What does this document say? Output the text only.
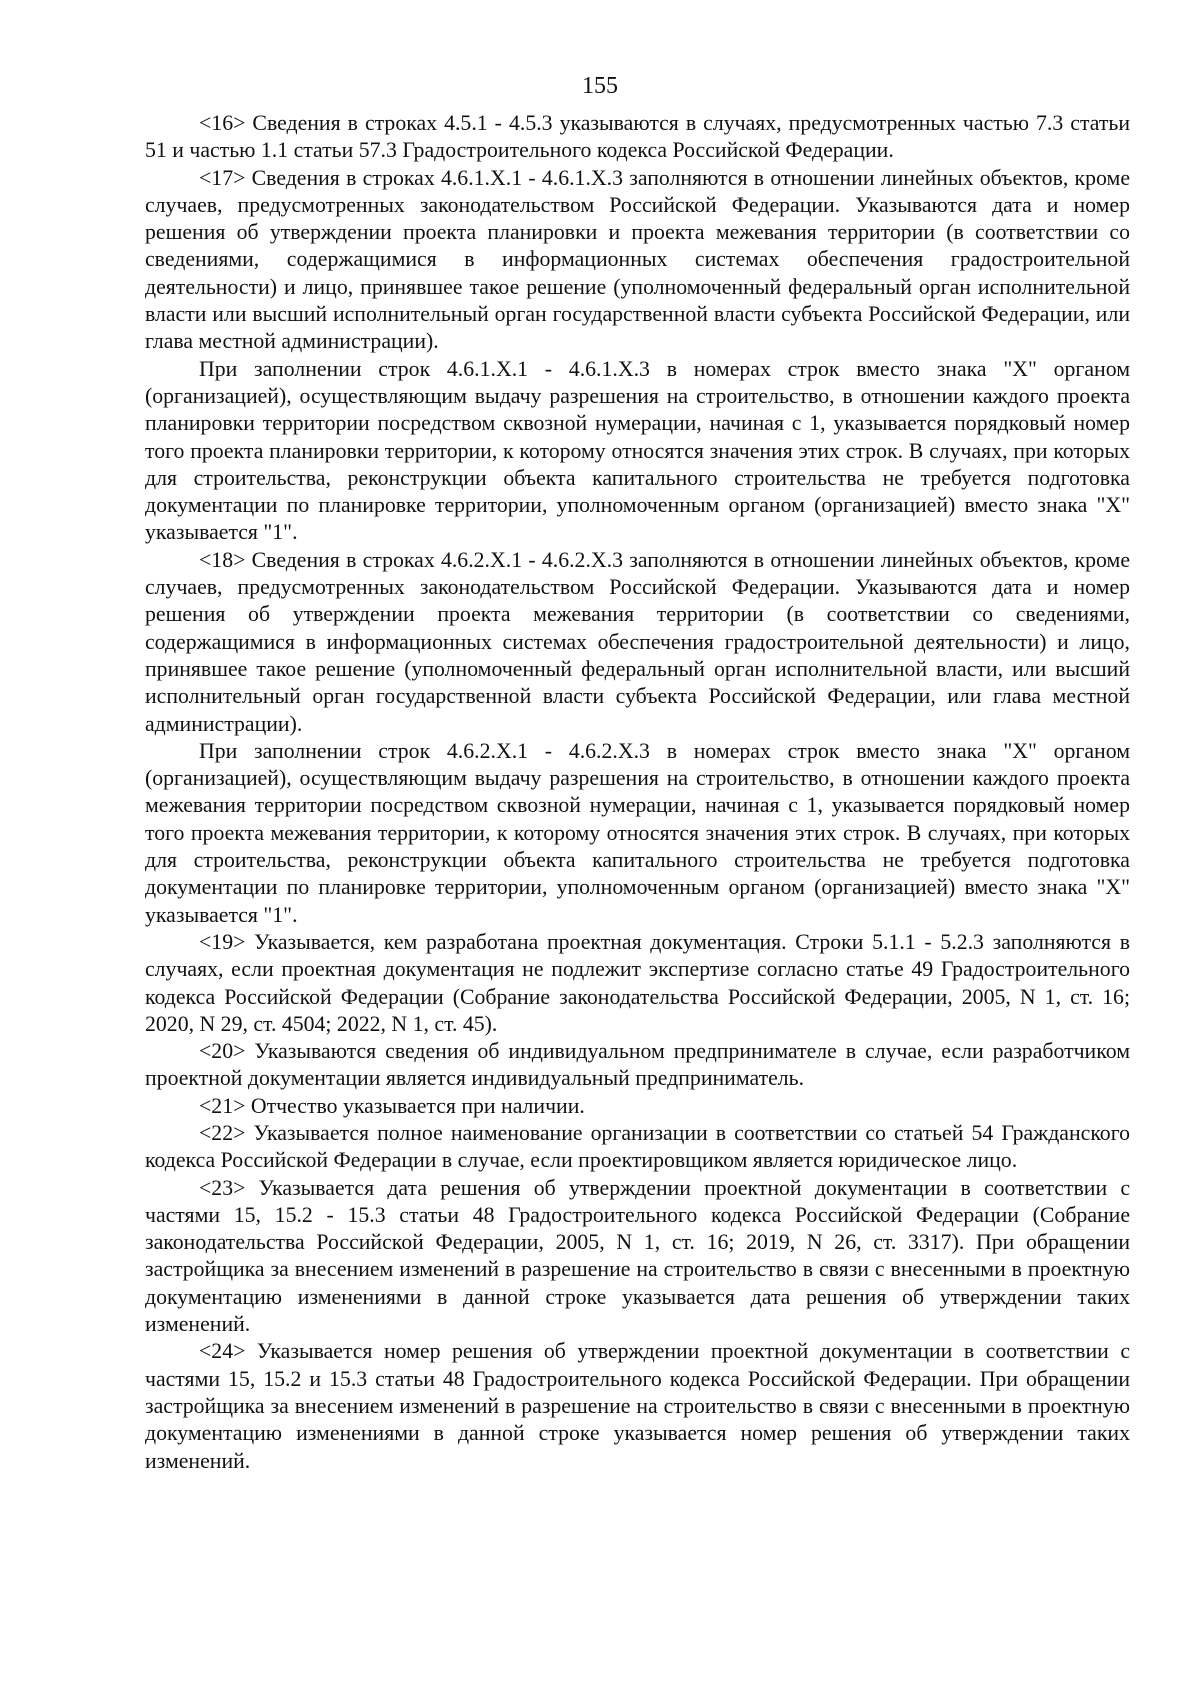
155

<16> Сведения в строках 4.5.1 - 4.5.3 указываются в случаях, предусмотренных частью 7.3 статьи 51 и частью 1.1 статьи 57.3 Градостроительного кодекса Российской Федерации.

<17> Сведения в строках 4.6.1.X.1 - 4.6.1.X.3 заполняются в отношении линейных объектов, кроме случаев, предусмотренных законодательством Российской Федерации. Указываются дата и номер решения об утверждении проекта планировки и проекта межевания территории (в соответствии со сведениями, содержащимися в информационных системах обеспечения градостроительной деятельности) и лицо, принявшее такое решение (уполномоченный федеральный орган исполнительной власти или высший исполнительный орган государственной власти субъекта Российской Федерации, или глава местной администрации).

При заполнении строк 4.6.1.X.1 - 4.6.1.X.3 в номерах строк вместо знака "X" органом (организацией), осуществляющим выдачу разрешения на строительство, в отношении каждого проекта планировки территории посредством сквозной нумерации, начиная с 1, указывается порядковый номер того проекта планировки территории, к которому относятся значения этих строк. В случаях, при которых для строительства, реконструкции объекта капитального строительства не требуется подготовка документации по планировке территории, уполномоченным органом (организацией) вместо знака "X" указывается "1".

<18> Сведения в строках 4.6.2.X.1 - 4.6.2.X.3 заполняются в отношении линейных объектов, кроме случаев, предусмотренных законодательством Российской Федерации. Указываются дата и номер решения об утверждении проекта межевания территории (в соответствии со сведениями, содержащимися в информационных системах обеспечения градостроительной деятельности) и лицо, принявшее такое решение (уполномоченный федеральный орган исполнительной власти, или высший исполнительный орган государственной власти субъекта Российской Федерации, или глава местной администрации).

При заполнении строк 4.6.2.X.1 - 4.6.2.X.3 в номерах строк вместо знака "X" органом (организацией), осуществляющим выдачу разрешения на строительство, в отношении каждого проекта межевания территории посредством сквозной нумерации, начиная с 1, указывается порядковый номер того проекта межевания территории, к которому относятся значения этих строк. В случаях, при которых для строительства, реконструкции объекта капитального строительства не требуется подготовка документации по планировке территории, уполномоченным органом (организацией) вместо знака "X" указывается "1".

<19> Указывается, кем разработана проектная документация. Строки 5.1.1 - 5.2.3 заполняются в случаях, если проектная документация не подлежит экспертизе согласно статье 49 Градостроительного кодекса Российской Федерации (Собрание законодательства Российской Федерации, 2005, N 1, ст. 16; 2020, N 29, ст. 4504; 2022, N 1, ст. 45).

<20> Указываются сведения об индивидуальном предпринимателе в случае, если разработчиком проектной документации является индивидуальный предприниматель.

<21> Отчество указывается при наличии.

<22> Указывается полное наименование организации в соответствии со статьей 54 Гражданского кодекса Российской Федерации в случае, если проектировщиком является юридическое лицо.

<23> Указывается дата решения об утверждении проектной документации в соответствии с частями 15, 15.2 - 15.3 статьи 48 Градостроительного кодекса Российской Федерации (Собрание законодательства Российской Федерации, 2005, N 1, ст. 16; 2019, N 26, ст. 3317). При обращении застройщика за внесением изменений в разрешение на строительство в связи с внесенными в проектную документацию изменениями в данной строке указывается дата решения об утверждении таких изменений.

<24> Указывается номер решения об утверждении проектной документации в соответствии с частями 15, 15.2 и 15.3 статьи 48 Градостроительного кодекса Российской Федерации. При обращении застройщика за внесением изменений в разрешение на строительство в связи с внесенными в проектную документацию изменениями в данной строке указывается номер решения об утверждении таких изменений.
